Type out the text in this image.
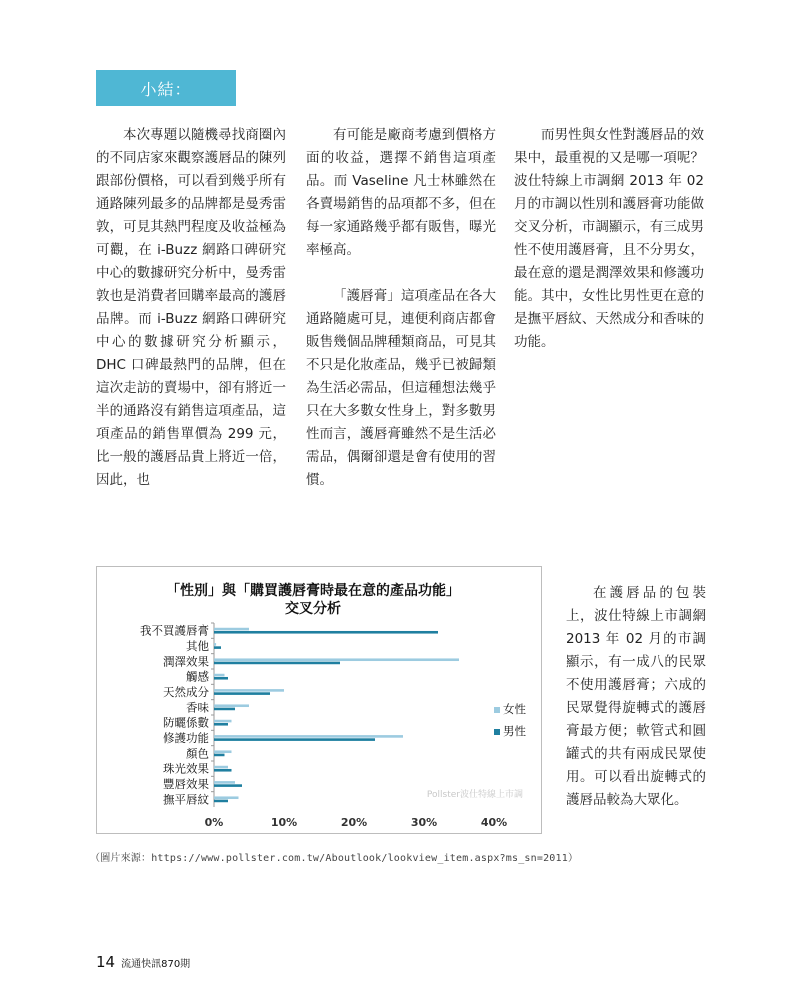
小結：

本次專題以隨機尋找商圈內的不同店家來觀察護唇品的陳列跟部份價格，可以看到幾乎所有通路陳列最多的品牌都是曼秀雷敦，可見其熱門程度及收益極為可觀，在 i-Buzz 網路口碑研究中心的數據研究分析中，曼秀雷敦也是消費者回購率最高的護唇品牌。而 i-Buzz 網路口碑研究中心的數據研究分析顯示，DHC 口碑最熱門的品牌，但在這次走訪的賣場中，卻有將近一半的通路沒有銷售這項產品，這項產品的銷售單價為 299 元，比一般的護唇品貴上將近一倍，因此，也

有可能是廠商考慮到價格方面的收益，選擇不銷售這項產品。而 Vaseline 凡士林雖然在各賣場銷售的品項都不多，但在每一家通路幾乎都有販售，曝光率極高。

「護唇膏」這項產品在各大通路隨處可見，連便利商店都會販售幾個品牌種類商品，可見其不只是化妝產品，幾乎已被歸類為生活必需品，但這種想法幾乎只在大多數女性身上，對多數男性而言，護唇膏雖然不是生活必需品，偶爾卻還是會有使用的習慣。

而男性與女性對護唇品的效果中，最重視的又是哪一項呢？波仕特線上市調網 2013 年 02 月的市調以性別和護唇膏功能做交叉分析，市調顯示，有三成男性不使用護唇膏，且不分男女，最在意的還是潤澤效果和修護功能。其中，女性比男性更在意的是撫平唇紋、天然成分和香味的功能。

「性別」與「購買護唇膏時最在意的產品功能」
交叉分析
我不買護唇膏
其他
潤澤效果
觸感
天然成分
香味
防曬係數
修護功能
顏色
珠光效果
豐唇效果
撫平唇紋
0%	10%	20%	30%	40%
女性
男性
Pollster波仕特線上市調

在護唇品的包裝上，波仕特線上市調網 2013 年 02 月的市調顯示，有一成八的民眾不使用護唇膏；六成的民眾覺得旋轉式的護唇膏最方便；軟管式和圓罐式的共有兩成民眾使用。可以看出旋轉式的護唇品較為大眾化。

（圖片來源：https://www.pollster.com.tw/Aboutlook/lookview_item.aspx?ms_sn=2011）
14 流通快訊870期
